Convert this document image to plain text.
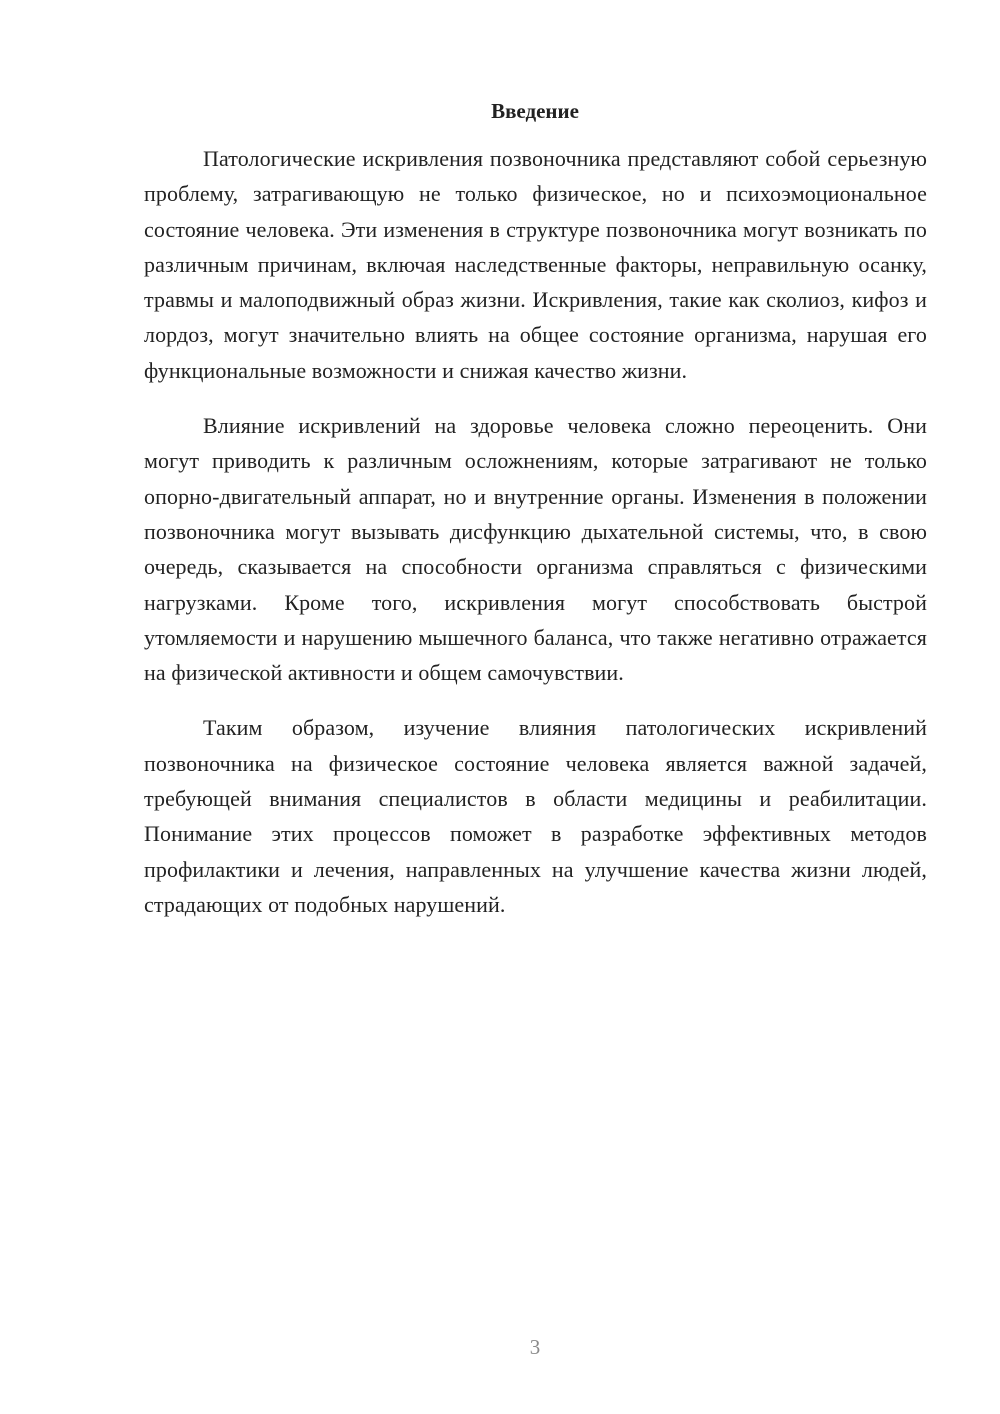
Введение

Патологические искривления позвоночника представляют собой серьезную проблему, затрагивающую не только физическое, но и психоэмоциональное состояние человека. Эти изменения в структуре позвоночника могут возникать по различным причинам, включая наследственные факторы, неправильную осанку, травмы и малоподвижный образ жизни. Искривления, такие как сколиоз, кифоз и лордоз, могут значительно влиять на общее состояние организма, нарушая его функциональные возможности и снижая качество жизни.

Влияние искривлений на здоровье человека сложно переоценить. Они могут приводить к различным осложнениям, которые затрагивают не только опорно-двигательный аппарат, но и внутренние органы. Изменения в положении позвоночника могут вызывать дисфункцию дыхательной системы, что, в свою очередь, сказывается на способности организма справляться с физическими нагрузками. Кроме того, искривления могут способствовать быстрой утомляемости и нарушению мышечного баланса, что также негативно отражается на физической активности и общем самочувствии.

Таким образом, изучение влияния патологических искривлений позвоночника на физическое состояние человека является важной задачей, требующей внимания специалистов в области медицины и реабилитации. Понимание этих процессов поможет в разработке эффективных методов профилактики и лечения, направленных на улучшение качества жизни людей, страдающих от подобных нарушений.

3
